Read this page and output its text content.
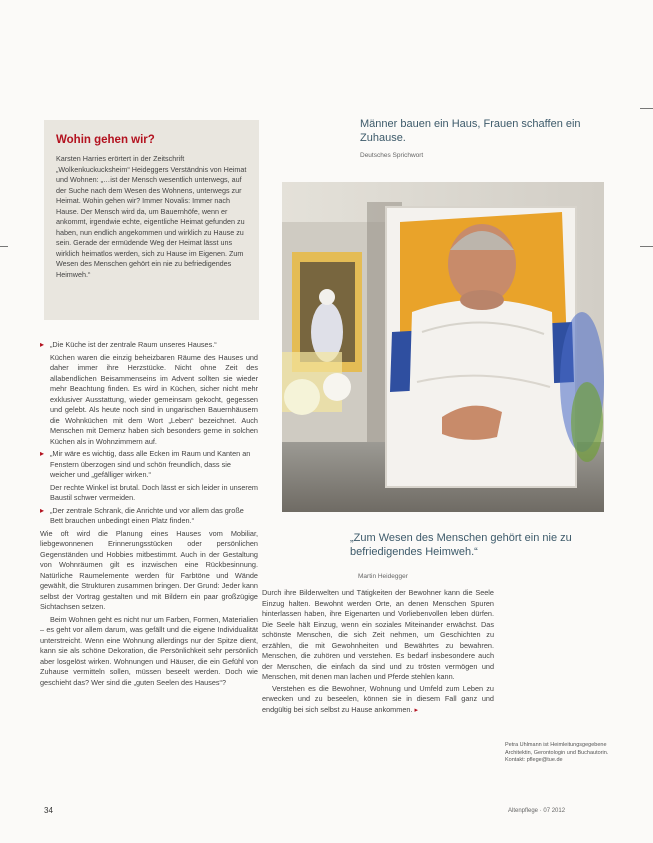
Wohin gehen wir?

Karsten Harries erörtert in der Zeitschrift „Wolkenkuckucksheim“ Heideggers Verständnis von Heimat und Wohnen: „…ist der Mensch wesentlich unterwegs, auf der Suche nach dem Wesen des Wohnens, unterwegs zur Heimat. Wohin gehen wir? Immer Novalis: Immer nach Hause. Der Mensch wird da, um Bauernhöfe, wenn er ankommt, irgendwie echte, eigentliche Heimat gefunden zu haben, nun endlich angekommen und wirklich zu Hause zu sein. Gerade der ermüdende Weg der Heimat lässt uns wirklich heimatlos werden, sich zu Hause im Eigenen. Zum Wesen des Menschen gehört ein nie zu befriedigendes Heimweh.“

Männer bauen ein Haus, Frauen schaffen ein Zuhause.
Deutsches Sprichwort
▸ „Die Küche ist der zentrale Raum unseres Hauses.“

Küchen waren die einzig beheizbaren Räume des Hauses und daher immer ihre Herzstücke. Nicht ohne Zeit des allabendlichen Beisammenseins im Advent sollten sie wieder mehr Beachtung finden. Es wird in Küchen, sicher nicht mehr exklusiver Ausstattung, wieder gemeinsam gekocht, gegessen und gelebt. Als heute noch sind in ungarischen Bauernhäusern die Wohnküchen mit dem Wort „Leben“ bezeichnet. Auch Menschen mit Demenz haben sich besonders gerne in solchen Küchen als in Wohnzimmern auf.

▸ „Mir wäre es wichtig, dass alle Ecken im Raum und Kanten an Fenstern überzogen sind und schön freundlich, dass sie weicher und „gefälliger wirken.“

Der rechte Winkel ist brutal. Doch lässt er sich leider in unserem Baustil schwer vermeiden.

▸ „Der zentrale Schrank, die Anrichte und vor allem das große Bett brauchen unbedingt einen Platz finden.“

Wie oft wird die Planung eines Hauses vom Mobiliar, liebgewonnenen Erinnerungsstücken oder persönlichen Gegenständen und Hobbies mitbestimmt. Auch in der Gestaltung von Wohnräumen gilt es inzwischen eine Rückbesinnung. Natürliche Raumelemente werden für Farbtöne und Wände gewählt, die Strukturen zusammen bringen. Der Grund: Jeder kann selbst der Vortrag gestalten und mit Bildern ein paar großzügige Sichtachsen setzen.

Beim Wohnen geht es nicht nur um Farben, Formen, Materialien – es geht vor allem darum, was gefällt und die eigene Individualität unterstreicht. Wenn eine Wohnung allerdings nur der Spitze dient, kann sie als schöne Dekoration, die Persönlichkeit sehr persönlich aber losgelöst wirken. Wohnungen und Häuser, die ein Gefühl von Zuhause vermitteln sollen, müssen beseelt werden. Doch wie geschieht das? Wer sind die „guten Seelen des Hauses“?

„Zum Wesen des Menschen gehört ein nie zu befriedigendes Heimweh.“
Martin Heidegger

Durch ihre Bilderwelten und Tätigkeiten der Bewohner kann die Seele Einzug halten. Bewohnt werden Orte, an denen Menschen Spuren hinterlassen haben, ihre Eigenarten und Vorliebenvollen leben dürfen. Die Seele hält Einzug, wenn ein soziales Miteinander erwächst. Das schönste Menschen, die sich Zeit nehmen, um Geschichten zu erzählen, die mit Gewohnheiten und Bewährtes zu bewahren. Menschen, die zuhören und verstehen. Es bedarf insbesondere auch der Menschen, die einfach da sind und zu trösten vermögen und Menschen, mit denen man lachen und Pferde stehlen kann.

Verstehen es die Bewohner, Wohnung und Umfeld zum Leben zu erwecken und zu beseelen, können sie in diesem Fall ganz und endgültig bei sich selbst zu Hause ankommen. ▸

Petra Uhlmann ist Heimleitungsgegebene Architektin, Gerontologin und Buchautorin. Kontakt: pflege@tue.de
34	Altenpflege · 07 2012
